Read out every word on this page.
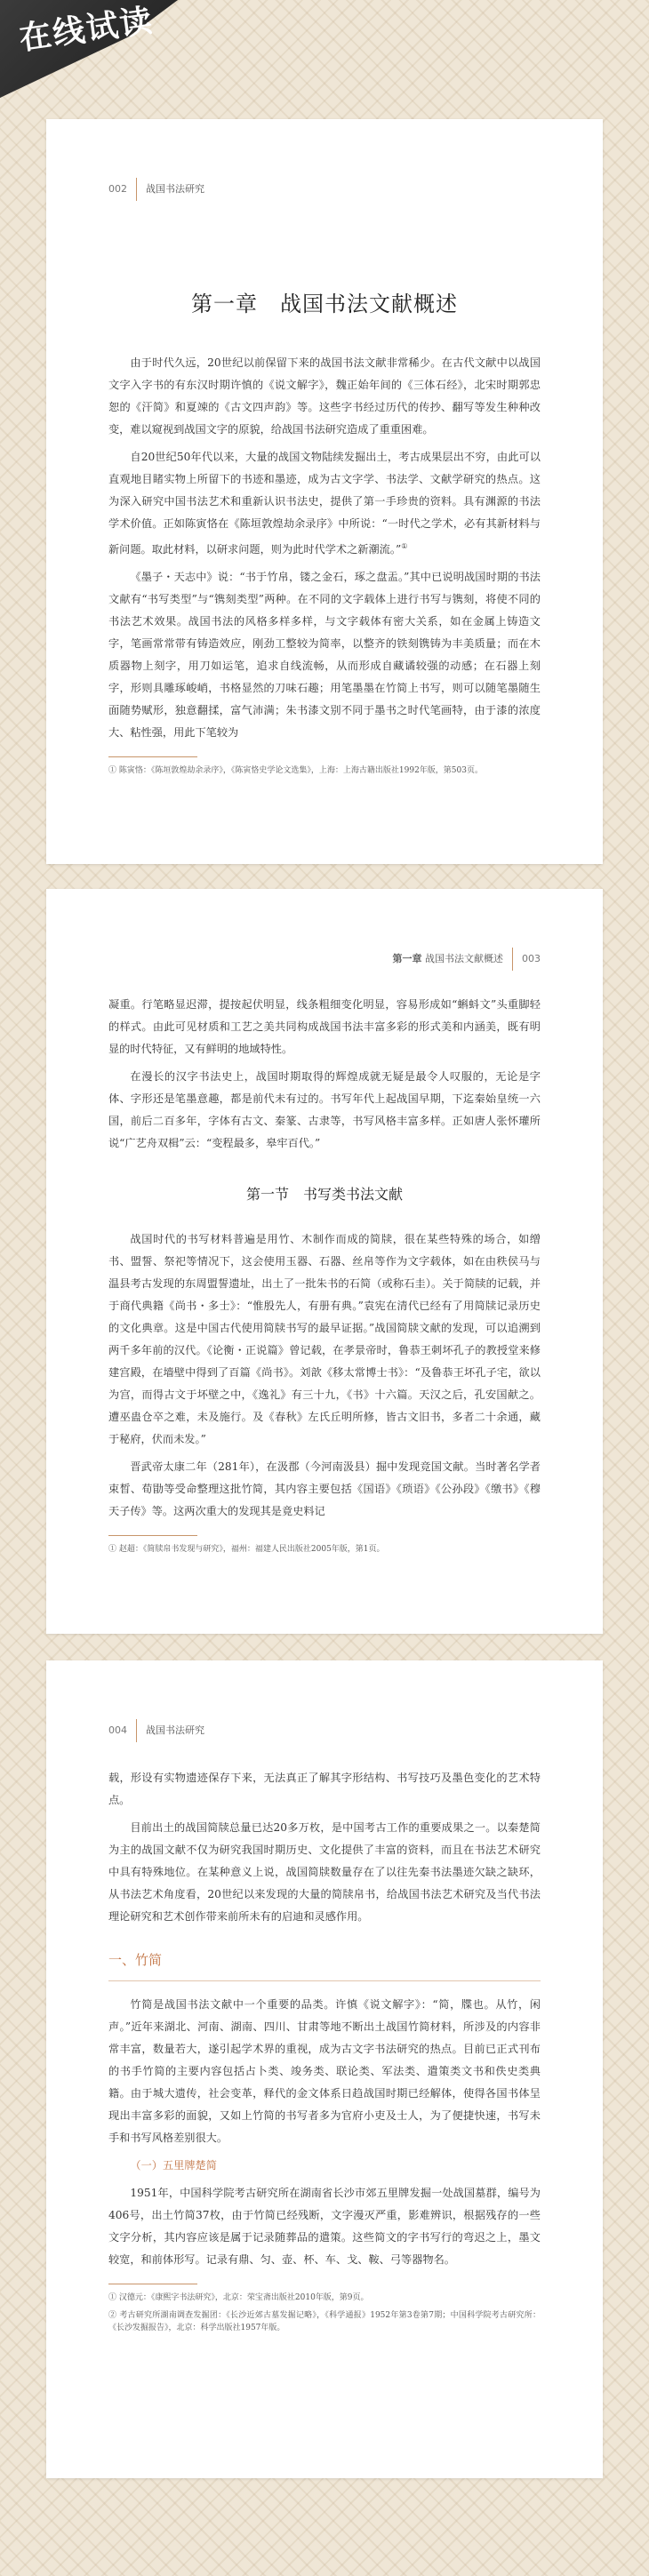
在线试读
002 战国书法研究
第一章　战国书法文献概述

由于时代久远，20世纪以前保留下来的战国书法文献非常稀少。在古代文献中以战国文字入字书的有东汉时期许慎的《说文解字》，魏正始年间的《三体石经》，北宋时期郭忠恕的《汗简》和夏竦的《古文四声韵》等。这些字书经过历代的传抄、翻写等发生种种改变，难以窥视到战国文字的原貌，给战国书法研究造成了重重困难。

自20世纪50年代以来，大量的战国文物陆续发掘出土，考古成果层出不穷，由此可以直观地目睹实物上所留下的书迹和墨迹，成为古文字学、书法学、文献学研究的热点。这为深入研究中国书法艺术和重新认识书法史，提供了第一手珍贵的资料。具有渊源的书法学术价值。正如陈寅恪在《陈垣敦煌劫余录序》中所说：“一时代之学术，必有其新材料与新问题。取此材料，以研求问题，则为此时代学术之新潮流。”①

《墨子・天志中》说：“书于竹帛，镂之金石，琢之盘盂。”其中已说明战国时期的书法文献有“书写类型”与“镌刻类型”两种。在不同的文字载体上进行书写与镌刻，将使不同的书法艺术效果。战国书法的风格多样多样，与文字载体有密大关系，如在金属上铸造文字，笔画常常带有铸造效应，刚劲工整较为简率，以整齐的铁刻镌铸为丰美质量；而在木质器物上刻字，用刀如运笔，追求自线流畅，从而形成自藏谲较强的动感；在石器上刻字，形则具雕琢峻峭，书格显然的刀味石趣；用笔墨墨在竹简上书写，则可以随笔墨随生面随势赋形，独意翻揉，富气沛满；朱书漆文别不同于墨书之时代笔画特，由于漆的浓度大、粘性强，用此下笔较为

① 陈寅恪：《陈垣敦煌劫余录序》，《陈寅恪史学论文选集》，上海：上海古籍出版社1992年版，第503页。

第一章 战国书法文献概述 003

凝重。行笔略显迟滞，提按起伏明显，线条粗细变化明显，容易形成如“蝌蚪文”头重脚轻的样式。由此可见材质和工艺之美共同构成战国书法丰富多彩的形式美和内涵美，既有明显的时代特征，又有鲜明的地域特性。

在漫长的汉字书法史上，战国时期取得的辉煌成就无疑是最令人叹服的，无论是字体、字形还是笔墨意趣，都是前代未有过的。书写年代上起战国早期，下迄秦始皇统一六国，前后二百多年，字体有古文、秦篆、古隶等，书写风格丰富多样。正如唐人张怀瓘所说“广艺舟双楫”云：“变程最多，皋牢百代。”

第一节　书写类书法文献

战国时代的书写材料普遍是用竹、木制作而成的简牍，很在某些特殊的场合，如缯书、盟誓、祭祀等情况下，这会使用玉器、石器、丝帛等作为文字载体，如在由秩侯马与温县考古发现的东周盟誓遗址，出土了一批朱书的石简（或称石圭）。关于简牍的记载，并于商代典籍《尚书・多士》：“惟殷先人，有册有典。”袁宪在清代已经有了用简牍记录历史的文化典章。这是中国古代使用简牍书写的最早证据。”战国简牍文献的发现，可以追溯到两千多年前的汉代。《论衡・正说篇》曾记载，在孝景帝时，鲁恭王刺坏孔子的教授堂来修建宫殿，在墙壁中得到了百篇《尚书》。刘歆《移太常博士书》：“及鲁恭王坏孔子宅，欲以为宫，而得古文于坏壁之中，《逸礼》有三十九，《书》十六篇。天汉之后，孔安国献之。遭巫蛊仓卒之难，未及施行。及《春秋》左氏丘明所修，皆古文旧书，多者二十余通，藏于秘府，伏而未发。”

晋武帝太康二年（281年），在汲郡（今河南汲县）掘中发现竞国文献。当时著名学者束晳、荀勖等受命整理这批竹简，其内容主要包括《国语》《琐语》《公孙段》《缴书》《穆天子传》等。这两次重大的发现其是竟史料记

① 赵超：《简牍帛书发现与研究》，福州：福建人民出版社2005年版，第1页。

004 战国书法研究

载，形设有实物遗迹保存下来，无法真正了解其字形结构、书写技巧及墨色变化的艺术特点。

目前出土的战国简牍总量已达20多万枚，是中国考古工作的重要成果之一。以秦楚简为主的战国文献不仅为研究我国时期历史、文化提供了丰富的资料，而且在书法艺术研究中具有特殊地位。在某种意义上说，战国简牍数量存在了以往先秦书法墨迹欠缺之缺环，从书法艺术角度看，20世纪以来发现的大量的简牍帛书，给战国书法艺术研究及当代书法理论研究和艺术创作带来前所未有的启迪和灵感作用。

一、竹简

竹简是战国书法文献中一个重要的品类。许慎《说文解字》：“简，牒也。从竹，闲声。”近年来湖北、河南、湖南、四川、甘肃等地不断出土战国竹简材料，所涉及的内容非常丰富，数量若大，遂引起学术界的重视，成为古文字书法研究的热点。目前已正式刊布的书手竹简的主要内容包括占卜类、竣务类、联论类、军法类、遣策类文书和佚史类典籍。由于城大遗传，社会变革，释代的金文体系日趋战国时期已经解体，使得各国书体呈现出丰富多彩的面貌，又如上竹简的书写者多为官府小吏及士人，为了便捷快速，书写未手和书写风格差别很大。

（一）五里牌楚简

1951年，中国科学院考古研究所在湖南省长沙市郊五里牌发掘一处战国墓群，编号为406号，出土竹简37枚，由于竹简已经残断，文字漫灭严重，影难辨识，根据残存的一些文字分析，其内容应该是属于记录随葬品的遣策。这些简文的字书写行的弯迟之上，墨文较宽，和前体形写。记录有鼎、匀、壶、杯、车、戈、鞍、弓等器物名。

① 汉德元：《康熙字书法研究》，北京：荣宝斋出版社2010年版，第9页。

② 考古研究所湖南调查发掘团：《长沙近郊古墓发掘记略》，《科学通报》1952年第3卷第7期；中国科学院考古研究所：《长沙发掘报告》，北京：科学出版社1957年版。
